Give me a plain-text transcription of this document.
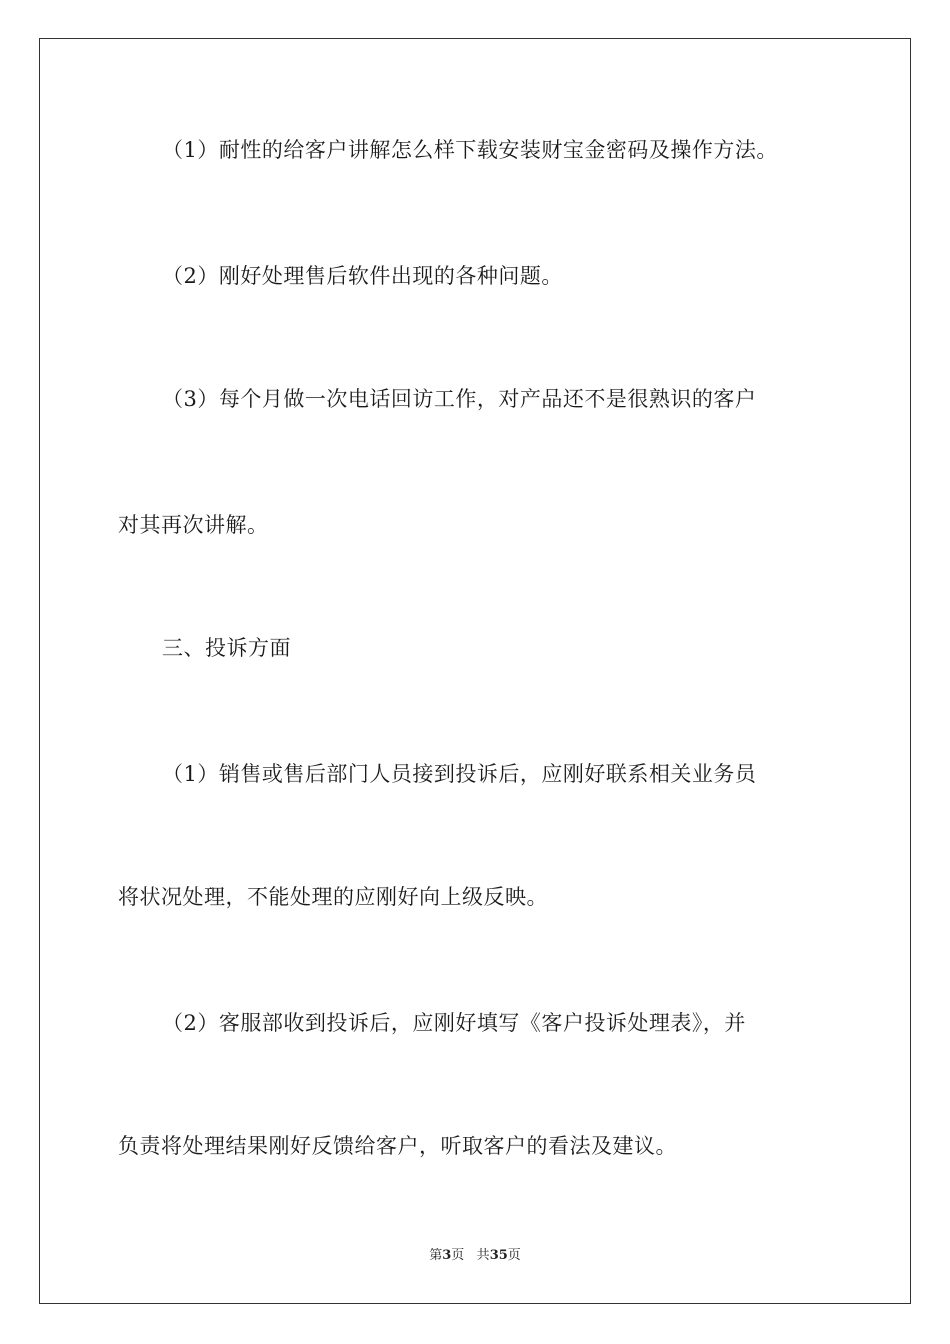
（1）耐性的给客户讲解怎么样下载安装财宝金密码及操作方法。
（2）刚好处理售后软件出现的各种问题。
（3）每个月做一次电话回访工作，对产品还不是很熟识的客户
对其再次讲解。
三、投诉方面
（1）销售或售后部门人员接到投诉后，应刚好联系相关业务员
将状况处理，不能处理的应刚好向上级反映。
（2）客服部收到投诉后，应刚好填写《客户投诉处理表》，并
负责将处理结果刚好反馈给客户，听取客户的看法及建议。
第3页 共35页
